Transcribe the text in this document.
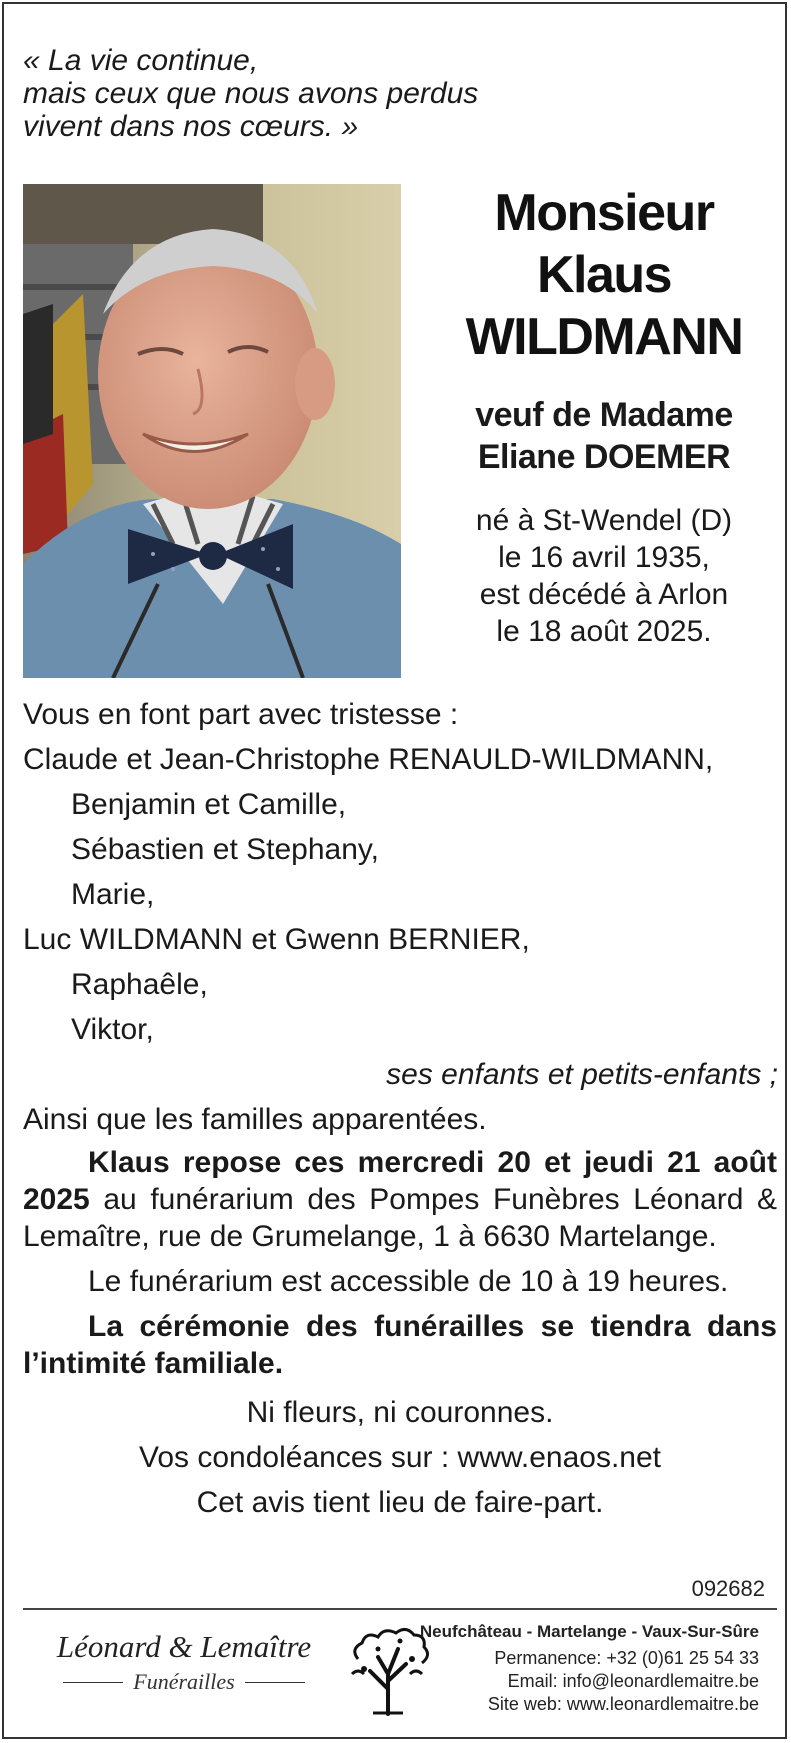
« La vie continue,
mais ceux que nous avons perdus
vivent dans nos cœurs. »
Monsieur
Klaus
WILDMANN
veuf de Madame
Eliane DOEMER
né à St-Wendel (D)
le 16 avril 1935,
est décédé à Arlon
le 18 août 2025.
Vous en font part avec tristesse :
Claude et Jean-Christophe RENAULD-WILDMANN,
Benjamin et Camille,
Sébastien et Stephany,
Marie,
Luc WILDMANN et Gwenn BERNIER,
Raphaêle,
Viktor,
ses enfants et petits-enfants ;
Ainsi que les familles apparentées.

Klaus repose ces mercredi 20 et jeudi 21 août 2025 au funérarium des Pompes Funèbres Léonard & Lemaître, rue de Grumelange, 1 à 6630 Martelange.

Le funérarium est accessible de 10 à 19 heures.

La cérémonie des funérailles se tiendra dans l’intimité familiale.

Ni fleurs, ni couronnes.
Vos condoléances sur : www.enaos.net
Cet avis tient lieu de faire-part.
092682
Léonard & Lemaître
Funérailles
Neufchâteau - Martelange - Vaux-Sur-Sûre
Permanence: +32 (0)61 25 54 33
Email: info@leonardlemaitre.be
Site web: www.leonardlemaitre.be
